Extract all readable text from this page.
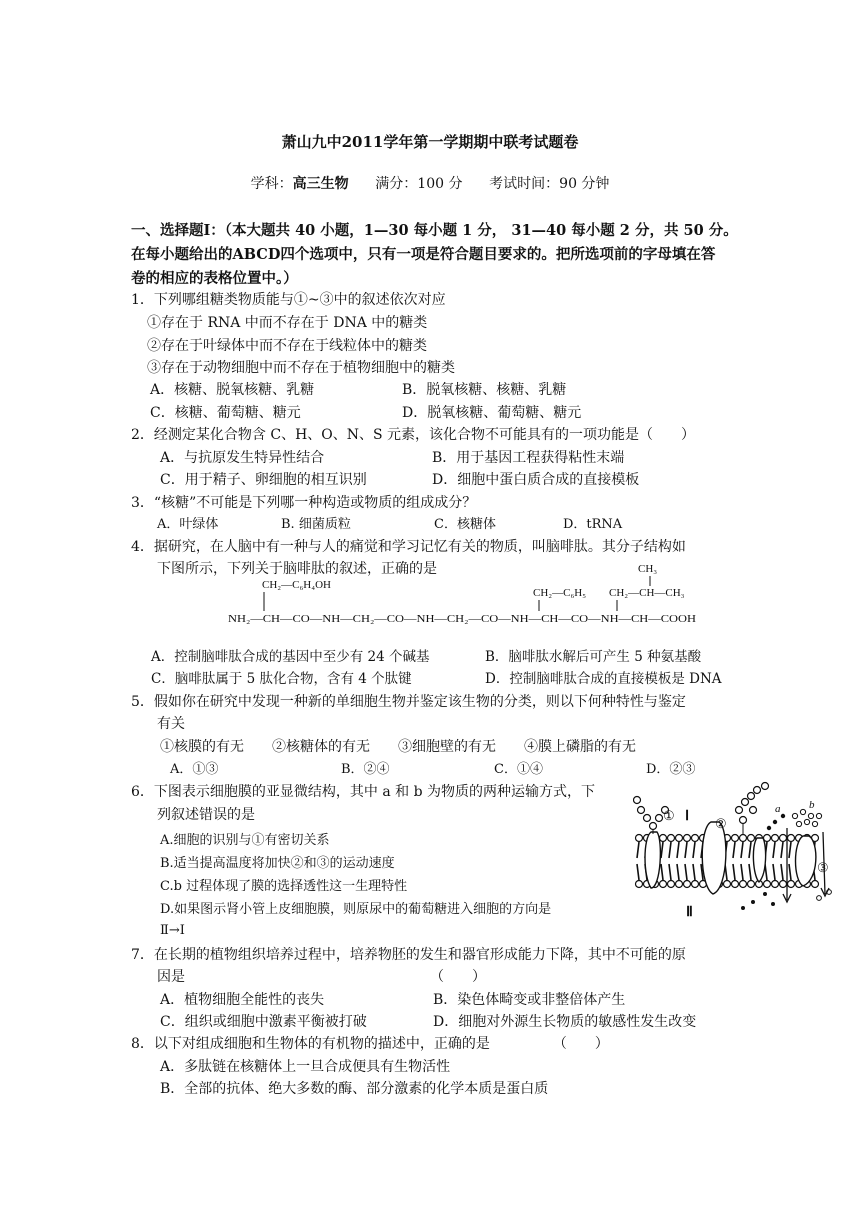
萧山九中2011学年第一学期期中联考试题卷
学科：高三生物 满分：100 分 考试时间：90 分钟
一、选择题Ⅰ：（本大题共 40 小题，1—30 每小题 1 分， 31—40 每小题 2 分，共 50 分。
在每小题给出的ABCD四个选项中，只有一项是符合题目要求的。把所选项前的字母填在答
卷的相应的表格位置中。）
1．下列哪组糖类物质能与①~③中的叙述依次对应
①存在于 RNA 中而不存在于 DNA 中的糖类
②存在于叶绿体中而不存在于线粒体中的糖类
③存在于动物细胞中而不存在于植物细胞中的糖类
A．核糖、脱氧核糖、乳糖	B．脱氧核糖、核糖、乳糖
C．核糖、葡萄糖、糖元	D．脱氧核糖、葡萄糖、糖元
2．经测定某化合物含 C、H、O、N、S 元素，该化合物不可能具有的一项功能是（　　）
A．与抗原发生特异性结合	B．用于基因工程获得粘性末端
C．用于精子、卵细胞的相互识别	D．细胞中蛋白质合成的直接模板
3．“核糖”不可能是下列哪一种构造或物质的组成成分？
A．叶绿体	B. 细菌质粒	C．核糖体	D．tRNA
4．据研究，在人脑中有一种与人的痛觉和学习记忆有关的物质，叫脑啡肽。其分子结构如
下图所示，下列关于脑啡肽的叙述，正确的是	CH₃
CH₂—C₆H₄OH
CH₂—C₆H₅ CH₂—CH—CH₃
NH₂—CH—CO—NH—CH₂—CO—NH—CH₂—CO—NH—CH—CO—NH—CH—COOH
A．控制脑啡肽合成的基因中至少有 24 个碱基	B．脑啡肽水解后可产生 5 种氨基酸
C．脑啡肽属于 5 肽化合物，含有 4 个肽键	D．控制脑啡肽合成的直接模板是 DNA
5．假如你在研究中发现一种新的单细胞生物并鉴定该生物的分类，则以下何种特性与鉴定
有关
①核膜的有无　　②核糖体的有无　　③细胞壁的有无　　④膜上磷脂的有无
A．①③	B．②④	C．①④	D．②③
6．下图表示细胞膜的亚显微结构，其中 a 和 b 为物质的两种运输方式，下
列叙述错误的是
A.细胞的识别与①有密切关系
B.适当提高温度将加快②和③的运动速度
C.b 过程体现了膜的选择透性这一生理特性
D.如果图示肾小管上皮细胞膜，则原尿中的葡萄糖进入细胞的方向是
Ⅱ→Ⅰ
① Ⅰ ②
a	b
③
Ⅱ
7．在长期的植物组织培养过程中，培养物胚的发生和器官形成能力下降，其中不可能的原
因是　　　　　　　　　　　　　　　　　　（　　）
A．植物细胞全能性的丧失	B．染色体畸变或非整倍体产生
C．组织或细胞中激素平衡被打破	D．细胞对外源生长物质的敏感性发生改变
8．以下对组成细胞和生物体的有机物的描述中，正确的是　　　　　（　　）
A．多肽链在核糖体上一旦合成便具有生物活性
B．全部的抗体、绝大多数的酶、部分激素的化学本质是蛋白质
